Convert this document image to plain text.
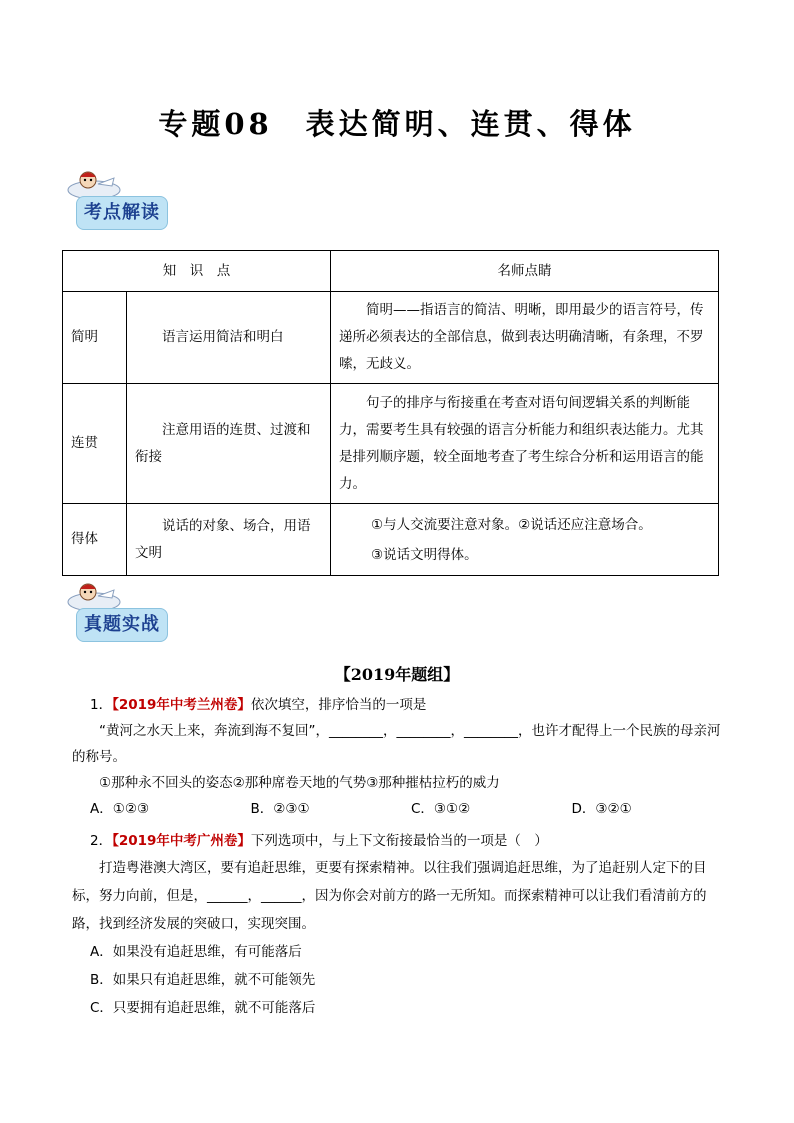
专题08　表达简明、连贯、得体
考点解读
知　识　点		名师点睛
简明	语言运用简洁和明白	简明——指语言的简洁、明晰，即用最少的语言符号，传递所必须表达的全部信息，做到表达明确清晰，有条理，不罗嗦，无歧义。
连贯	注意用语的连贯、过渡和衔接	句子的排序与衔接重在考查对语句间逻辑关系的判断能力，需要考生具有较强的语言分析能力和组织表达能力。尤其是排列顺序题，较全面地考查了考生综合分析和运用语言的能力。
得体	说话的对象、场合，用语文明	①与人交流要注意对象。②说话还应注意场合。
③说话文明得体。
真题实战
【2019年题组】
1．【2019年中考兰州卷】依次填空，排序恰当的一项是
“黄河之水天上来，奔流到海不复回”，________，________，________，也许才配得上一个民族的母亲河的称号。
①那种永不回头的姿态②那种席卷天地的气势③那种摧枯拉朽的威力
A．①②③	B．②③①	C．③①②	D．③②①
2．【2019年中考广州卷】下列选项中，与上下文衔接最恰当的一项是（　）
打造粤港澳大湾区，要有追赶思维，更要有探索精神。以往我们强调追赶思维，为了追赶别人定下的目标，努力向前，但是，______，______，因为你会对前方的路一无所知。而探索精神可以让我们看清前方的路，找到经济发展的突破口，实现突围。
A．如果没有追赶思维，有可能落后
B．如果只有追赶思维，就不可能领先
C．只要拥有追赶思维，就不可能落后
